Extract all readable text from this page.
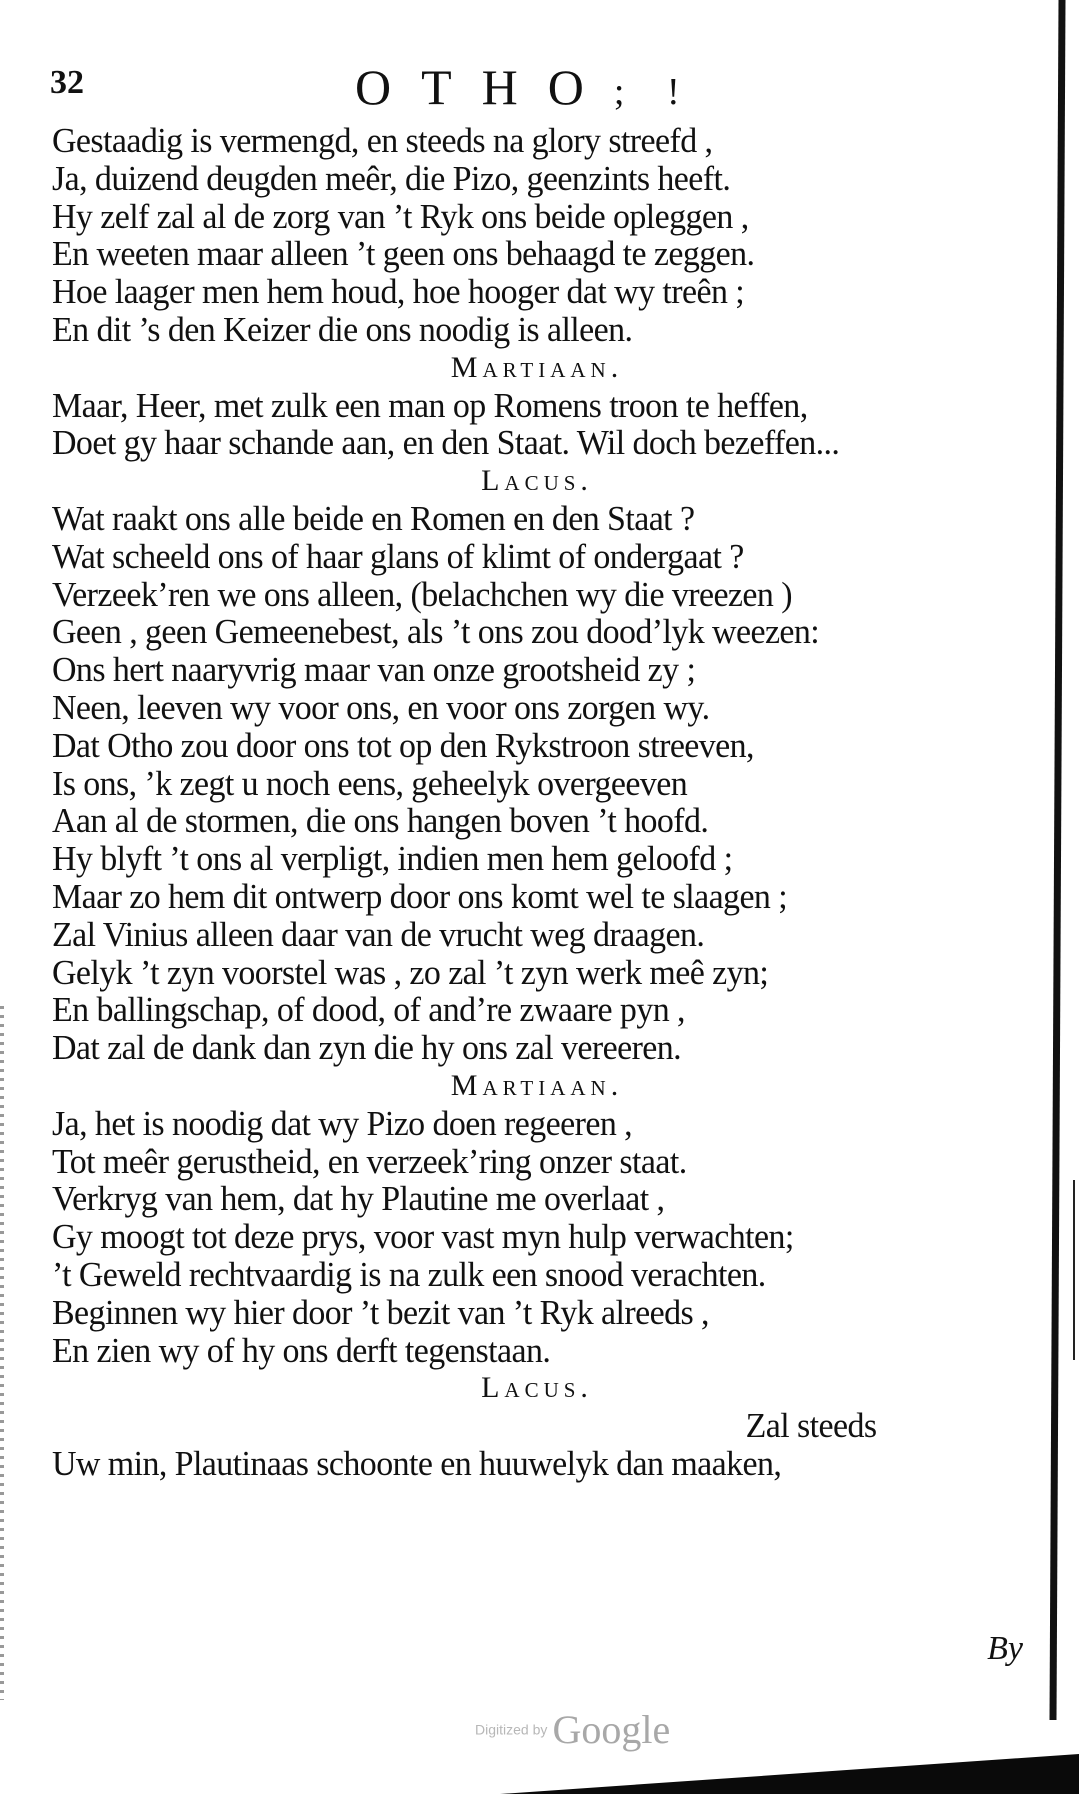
32	OTHO; !
Gestaadig is vermengd, en steeds na glory streefd ,
Ja, duizend deugden meêr, die Pizo, geenzints heeft.
Hy zelf zal al de zorg van ’t Ryk ons beide opleggen ,
En weeten maar alleen ’t geen ons behaagd te zeggen.
Hoe laager men hem houd, hoe hooger dat wy treên ;
En dit ’s den Keizer die ons noodig is alleen.
Martiaan.
Maar, Heer, met zulk een man op Romens troon te heffen,
Doet gy haar schande aan, en den Staat. Wil doch bezeffen...
Lacus.
Wat raakt ons alle beide en Romen en den Staat ?
Wat scheeld ons of haar glans of klimt of ondergaat ?
Verzeek’ren we ons alleen, (belachchen wy die vreezen )
Geen , geen Gemeenebest, als ’t ons zou dood’lyk weezen:
Ons hert naaryvrig maar van onze grootsheid zy ;
Neen, leeven wy voor ons, en voor ons zorgen wy.
Dat Otho zou door ons tot op den Rykstroon streeven,
Is ons, ’k zegt u noch eens, geheelyk overgeeven
Aan al de stormen, die ons hangen boven ’t hoofd.
Hy blyft ’t ons al verpligt, indien men hem geloofd ;
Maar zo hem dit ontwerp door ons komt wel te slaagen ;
Zal Vinius alleen daar van de vrucht weg draagen.
Gelyk ’t zyn voorstel was , zo zal ’t zyn werk meê zyn;
En ballingschap, of dood, of and’re zwaare pyn ,
Dat zal de dank dan zyn die hy ons zal vereeren.
Martiaan.
Ja, het is noodig dat wy Pizo doen regeeren ,
Tot meêr gerustheid, en verzeek’ring onzer staat.
Verkryg van hem, dat hy Plautine me overlaat ,
Gy moogt tot deze prys, voor vast myn hulp verwachten;
’t Geweld rechtvaardig is na zulk een snood verachten.
Beginnen wy hier door ’t bezit van ’t Ryk alreeds ,
En zien wy of hy ons derft tegenstaan.
Lacus.
Zal steeds
Uw min, Plautinaas schoonte en huuwelyk dan maaken,
By
Digitized by Google
